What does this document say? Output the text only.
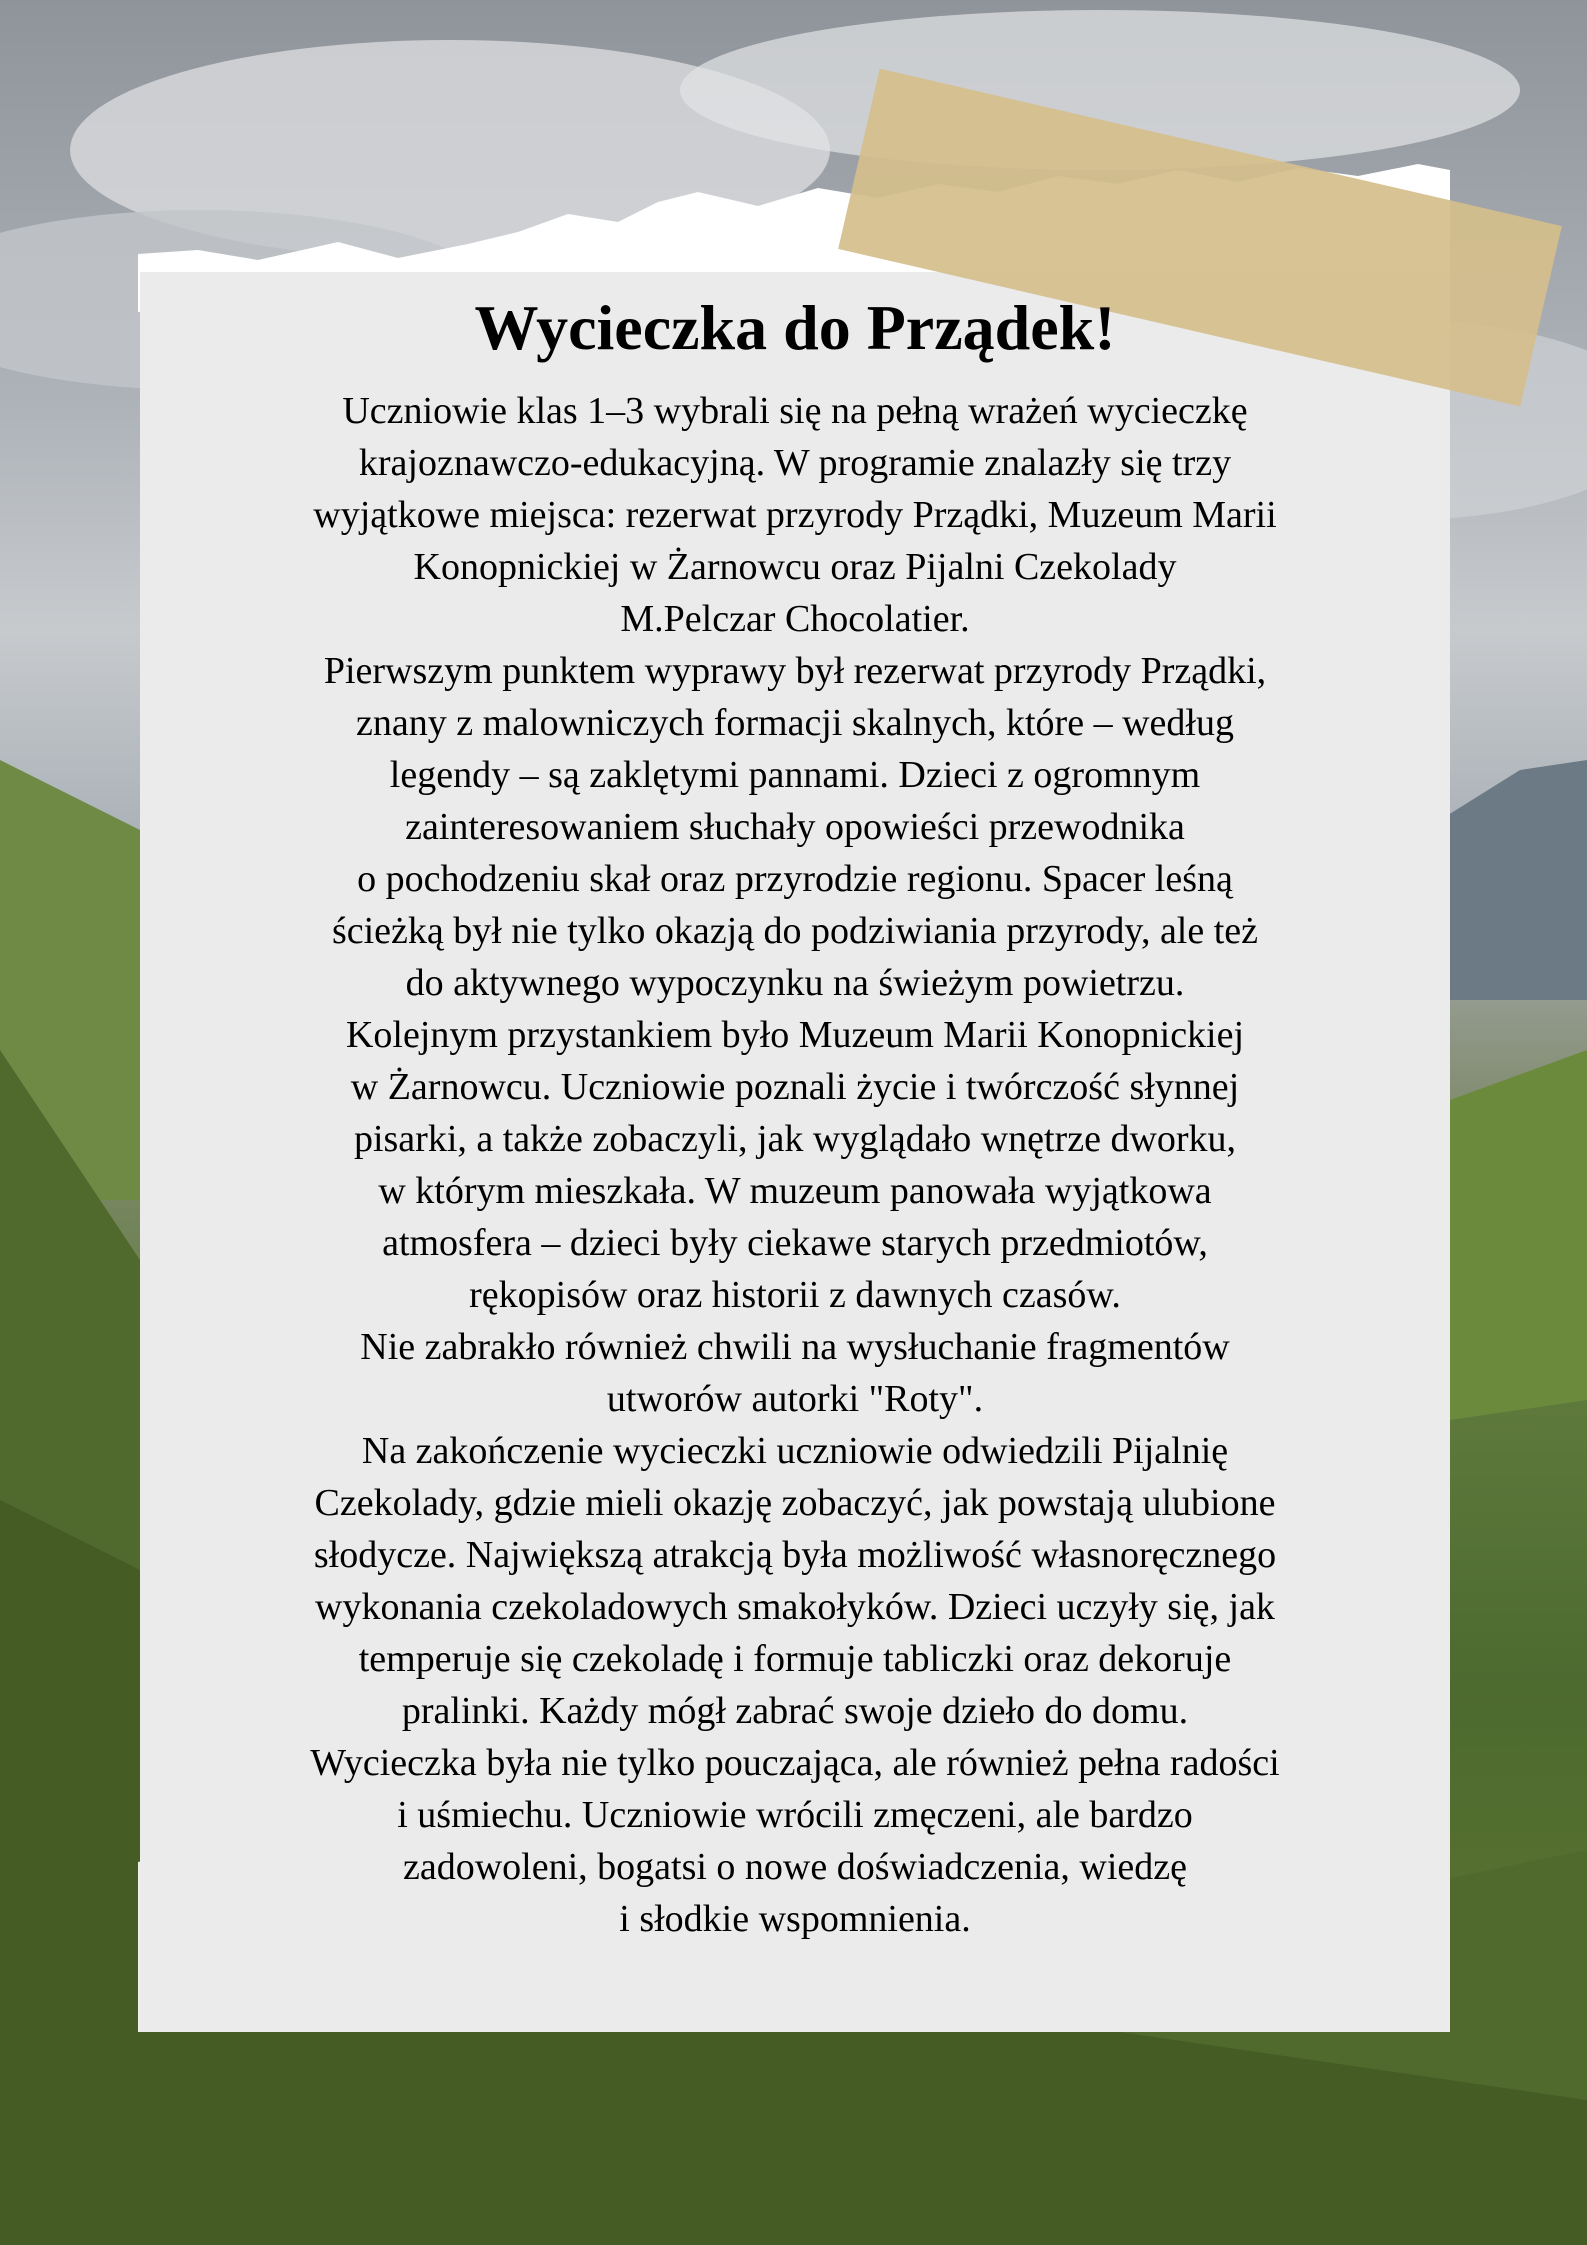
Wycieczka do Prządek!

Uczniowie klas 1–3 wybrali się na pełną wrażeń wycieczkę
krajoznawczo-edukacyjną. W programie znalazły się trzy
wyjątkowe miejsca: rezerwat przyrody Prządki, Muzeum Marii
Konopnickiej w Żarnowcu oraz Pijalni Czekolady
M.Pelczar Chocolatier.
Pierwszym punktem wyprawy był rezerwat przyrody Prządki,
znany z malowniczych formacji skalnych, które – według
legendy – są zaklętymi pannami. Dzieci z ogromnym
zainteresowaniem słuchały opowieści przewodnika
o pochodzeniu skał oraz przyrodzie regionu. Spacer leśną
ścieżką był nie tylko okazją do podziwiania przyrody, ale też
do aktywnego wypoczynku na świeżym powietrzu.
Kolejnym przystankiem było Muzeum Marii Konopnickiej
w Żarnowcu. Uczniowie poznali życie i twórczość słynnej
pisarki, a także zobaczyli, jak wyglądało wnętrze dworku,
w którym mieszkała. W muzeum panowała wyjątkowa
atmosfera – dzieci były ciekawe starych przedmiotów,
rękopisów oraz historii z dawnych czasów.
Nie zabrakło również chwili na wysłuchanie fragmentów
utworów autorki "Roty".
Na zakończenie wycieczki uczniowie odwiedzili Pijalnię
Czekolady, gdzie mieli okazję zobaczyć, jak powstają ulubione
słodycze. Największą atrakcją była możliwość własnoręcznego
wykonania czekoladowych smakołyków. Dzieci uczyły się, jak
temperuje się czekoladę i formuje tabliczki oraz dekoruje
pralinki. Każdy mógł zabrać swoje dzieło do domu.
Wycieczka była nie tylko pouczająca, ale również pełna radości
i uśmiechu. Uczniowie wrócili zmęczeni, ale bardzo
zadowoleni, bogatsi o nowe doświadczenia, wiedzę
i słodkie wspomnienia.
